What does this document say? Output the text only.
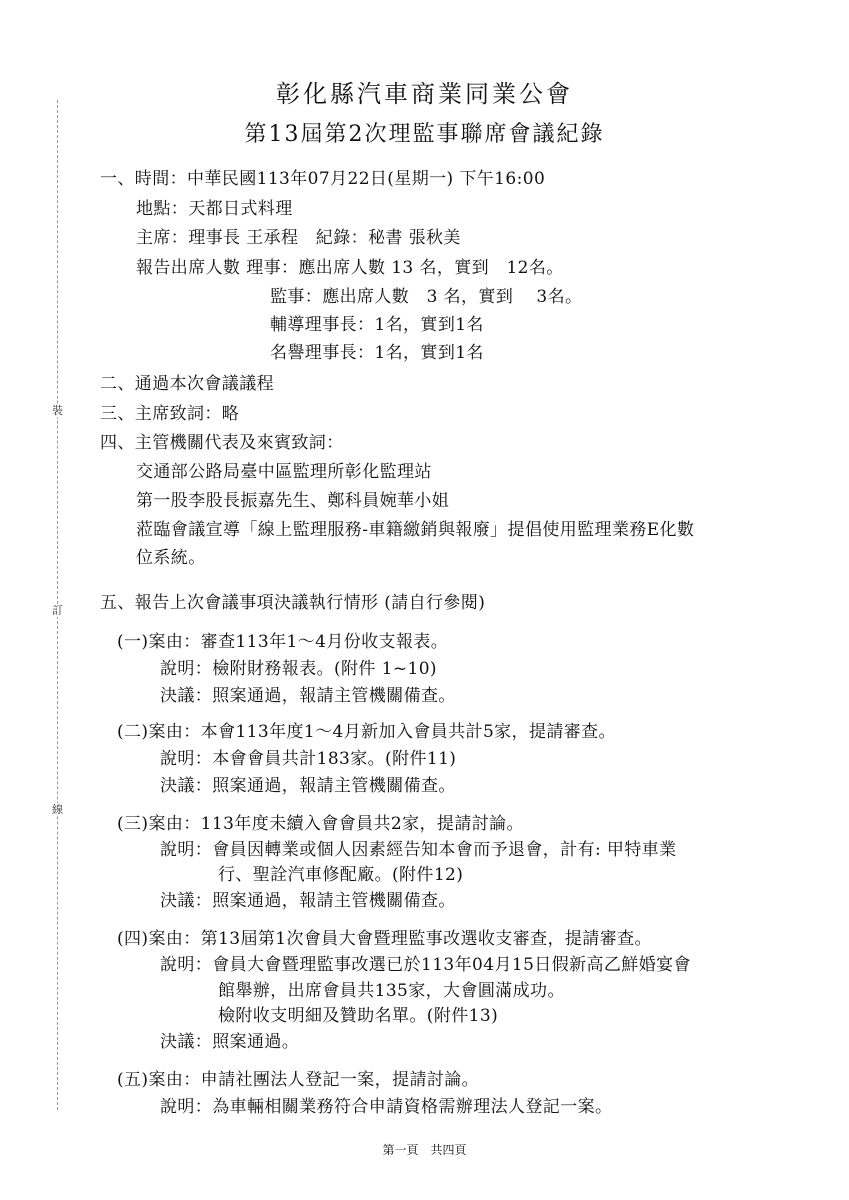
裝
訂
線
彰化縣汽車商業同業公會
第13屆第2次理監事聯席會議紀錄
一、時間：中華民國113年07月22日(星期一) 下午16:00
地點：天都日式料理
主席：理事長 王承程　紀錄：秘書 張秋美
報告出席人數 理事：應出席人數 13 名，實到　12名。
監事：應出席人數　3 名，實到　 3名。
輔導理事長：1名，實到1名
名譽理事長：1名，實到1名
二、通過本次會議議程
三、主席致詞：略
四、主管機關代表及來賓致詞：
交通部公路局臺中區監理所彰化監理站
第一股李股長振嘉先生、鄭科員婉華小姐
蒞臨會議宣導「線上監理服務-車籍繳銷與報廢」提倡使用監理業務E化數
位系統。
五、報告上次會議事項決議執行情形 (請自行參閱)
(一)案由：審查113年1～4月份收支報表。
說明：檢附財務報表。(附件 1~10)
決議：照案通過，報請主管機關備查。
(二)案由：本會113年度1～4月新加入會員共計5家，提請審查。
說明：本會會員共計183家。(附件11)
決議：照案通過，報請主管機關備查。
(三)案由：113年度未續入會會員共2家，提請討論。
說明：會員因轉業或個人因素經告知本會而予退會，計有: 甲特車業
行、聖詮汽車修配廠。(附件12)
決議：照案通過，報請主管機關備查。
(四)案由：第13屆第1次會員大會暨理監事改選收支審查，提請審查。
說明：會員大會暨理監事改選已於113年04月15日假新高乙鮮婚宴會
館舉辦，出席會員共135家，大會圓滿成功。
檢附收支明細及贊助名單。(附件13)
決議：照案通過。
(五)案由：申請社團法人登記一案，提請討論。
說明：為車輛相關業務符合申請資格需辦理法人登記一案。
第一頁　共四頁
